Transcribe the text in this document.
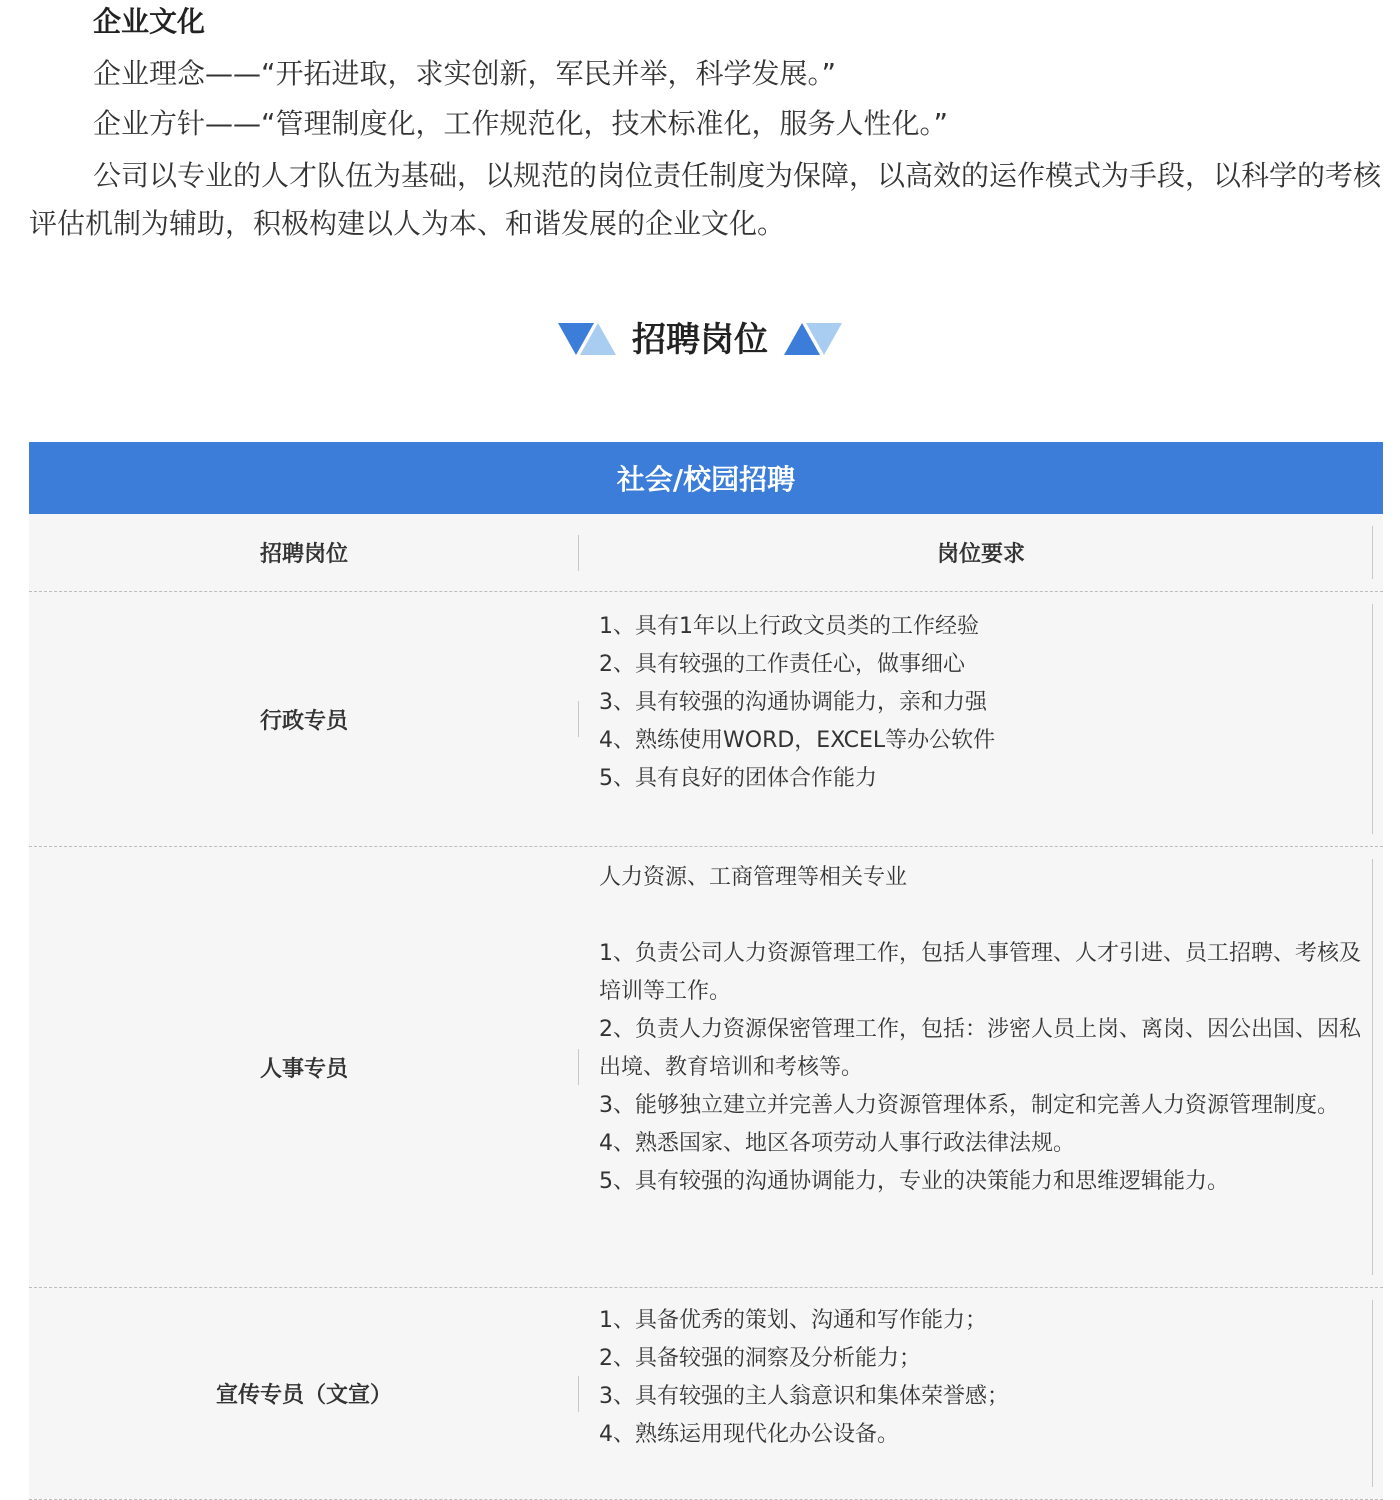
企业文化
企业理念——“开拓进取，求实创新，军民并举，科学发展。”
企业方针——“管理制度化，工作规范化，技术标准化，服务人性化。”
公司以专业的人才队伍为基础，以规范的岗位责任制度为保障，以高效的运作模式为手段，以科学的考核评估机制为辅助，积极构建以人为本、和谐发展的企业文化。
招聘岗位
社会/校园招聘
招聘岗位	岗位要求
行政专员
1、具有1年以上行政文员类的工作经验
2、具有较强的工作责任心，做事细心
3、具有较强的沟通协调能力，亲和力强
4、熟练使用WORD，EXCEL等办公软件
5、具有良好的团体合作能力
人事专员
人力资源、工商管理等相关专业
1、负责公司人力资源管理工作，包括人事管理、人才引进、员工招聘、考核及培训等工作。
2、负责人力资源保密管理工作，包括：涉密人员上岗、离岗、因公出国、因私出境、教育培训和考核等。
3、能够独立建立并完善人力资源管理体系，制定和完善人力资源管理制度。
4、熟悉国家、地区各项劳动人事行政法律法规。
5、具有较强的沟通协调能力，专业的决策能力和思维逻辑能力。
宣传专员（文宣）
1、具备优秀的策划、沟通和写作能力；
2、具备较强的洞察及分析能力；
3、具有较强的主人翁意识和集体荣誉感；
4、熟练运用现代化办公设备。
